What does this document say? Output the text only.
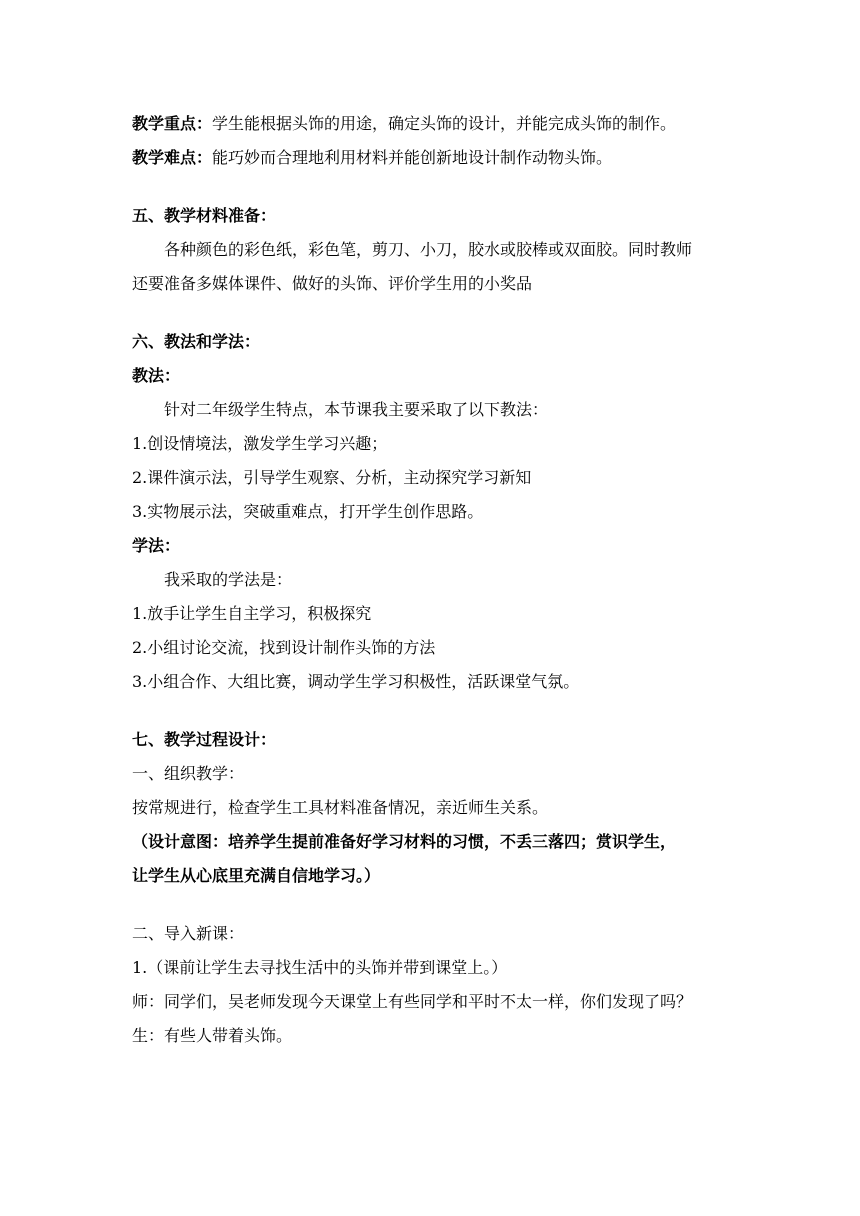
教学重点：学生能根据头饰的用途，确定头饰的设计，并能完成头饰的制作。
教学难点：能巧妙而合理地利用材料并能创新地设计制作动物头饰。
五、教学材料准备：
各种颜色的彩色纸，彩色笔，剪刀、小刀，胶水或胶棒或双面胶。同时教师
还要准备多媒体课件、做好的头饰、评价学生用的小奖品
六、教法和学法：
教法：
针对二年级学生特点，本节课我主要采取了以下教法：
1.创设情境法，激发学生学习兴趣；
2.课件演示法，引导学生观察、分析，主动探究学习新知
3.实物展示法，突破重难点，打开学生创作思路。
学法：
我采取的学法是：
1.放手让学生自主学习，积极探究
2.小组讨论交流，找到设计制作头饰的方法
3.小组合作、大组比赛，调动学生学习积极性，活跃课堂气氛。
七、教学过程设计：
一、组织教学：
按常规进行，检查学生工具材料准备情况，亲近师生关系。
（设计意图：培养学生提前准备好学习材料的习惯，不丢三落四；赏识学生，
让学生从心底里充满自信地学习。）
二、导入新课：
1.（课前让学生去寻找生活中的头饰并带到课堂上。）
师：同学们，吴老师发现今天课堂上有些同学和平时不太一样，你们发现了吗？
生：有些人带着头饰。
